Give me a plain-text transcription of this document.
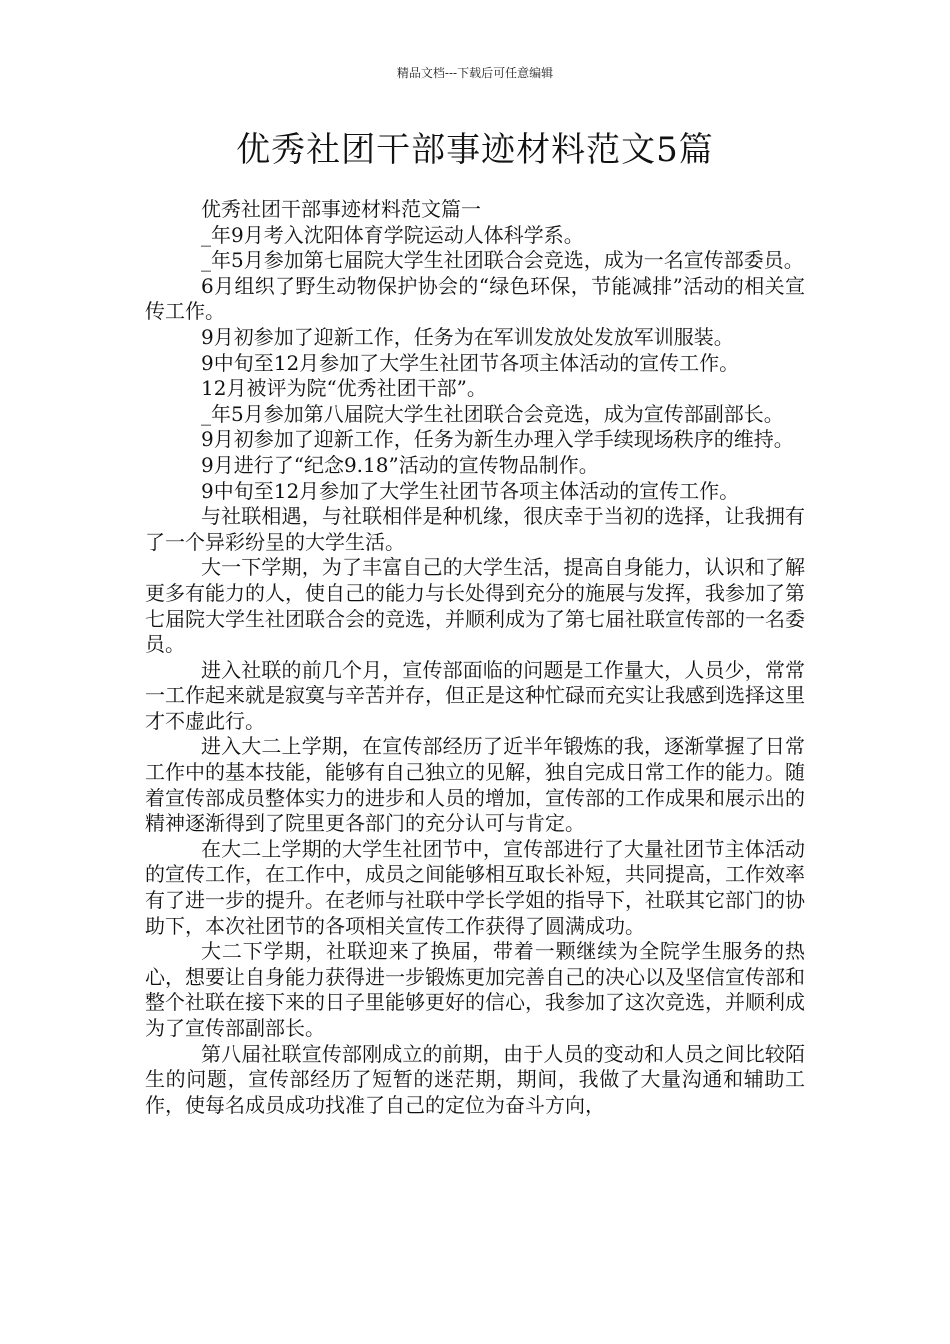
精品文档---下载后可任意编辑
优秀社团干部事迹材料范文5篇

优秀社团干部事迹材料范文篇一

_年9月考入沈阳体育学院运动人体科学系。

_年5月参加第七届院大学生社团联合会竞选，成为一名宣传部委员。

6月组织了野生动物保护协会的“绿色环保，节能减排”活动的相关宣传工作。

9月初参加了迎新工作，任务为在军训发放处发放军训服装。

9中旬至12月参加了大学生社团节各项主体活动的宣传工作。

12月被评为院“优秀社团干部”。

_年5月参加第八届院大学生社团联合会竞选，成为宣传部副部长。

9月初参加了迎新工作，任务为新生办理入学手续现场秩序的维持。

9月进行了“纪念9.18”活动的宣传物品制作。

9中旬至12月参加了大学生社团节各项主体活动的宣传工作。

与社联相遇，与社联相伴是种机缘，很庆幸于当初的选择，让我拥有了一个异彩纷呈的大学生活。

大一下学期，为了丰富自己的大学生活，提高自身能力，认识和了解更多有能力的人，使自己的能力与长处得到充分的施展与发挥，我参加了第七届院大学生社团联合会的竞选，并顺利成为了第七届社联宣传部的一名委员。

进入社联的前几个月，宣传部面临的问题是工作量大，人员少，常常一工作起来就是寂寞与辛苦并存，但正是这种忙碌而充实让我感到选择这里才不虚此行。

进入大二上学期，在宣传部经历了近半年锻炼的我，逐渐掌握了日常工作中的基本技能，能够有自己独立的见解，独自完成日常工作的能力。随着宣传部成员整体实力的进步和人员的增加，宣传部的工作成果和展示出的精神逐渐得到了院里更各部门的充分认可与肯定。

在大二上学期的大学生社团节中，宣传部进行了大量社团节主体活动的宣传工作，在工作中，成员之间能够相互取长补短，共同提高，工作效率有了进一步的提升。在老师与社联中学长学姐的指导下，社联其它部门的协助下，本次社团节的各项相关宣传工作获得了圆满成功。

大二下学期，社联迎来了换届，带着一颗继续为全院学生服务的热心，想要让自身能力获得进一步锻炼更加完善自己的决心以及坚信宣传部和整个社联在接下来的日子里能够更好的信心，我参加了这次竞选，并顺利成为了宣传部副部长。

第八届社联宣传部刚成立的前期，由于人员的变动和人员之间比较陌生的问题，宣传部经历了短暂的迷茫期，期间，我做了大量沟通和辅助工作，使每名成员成功找准了自己的定位为奋斗方向，
